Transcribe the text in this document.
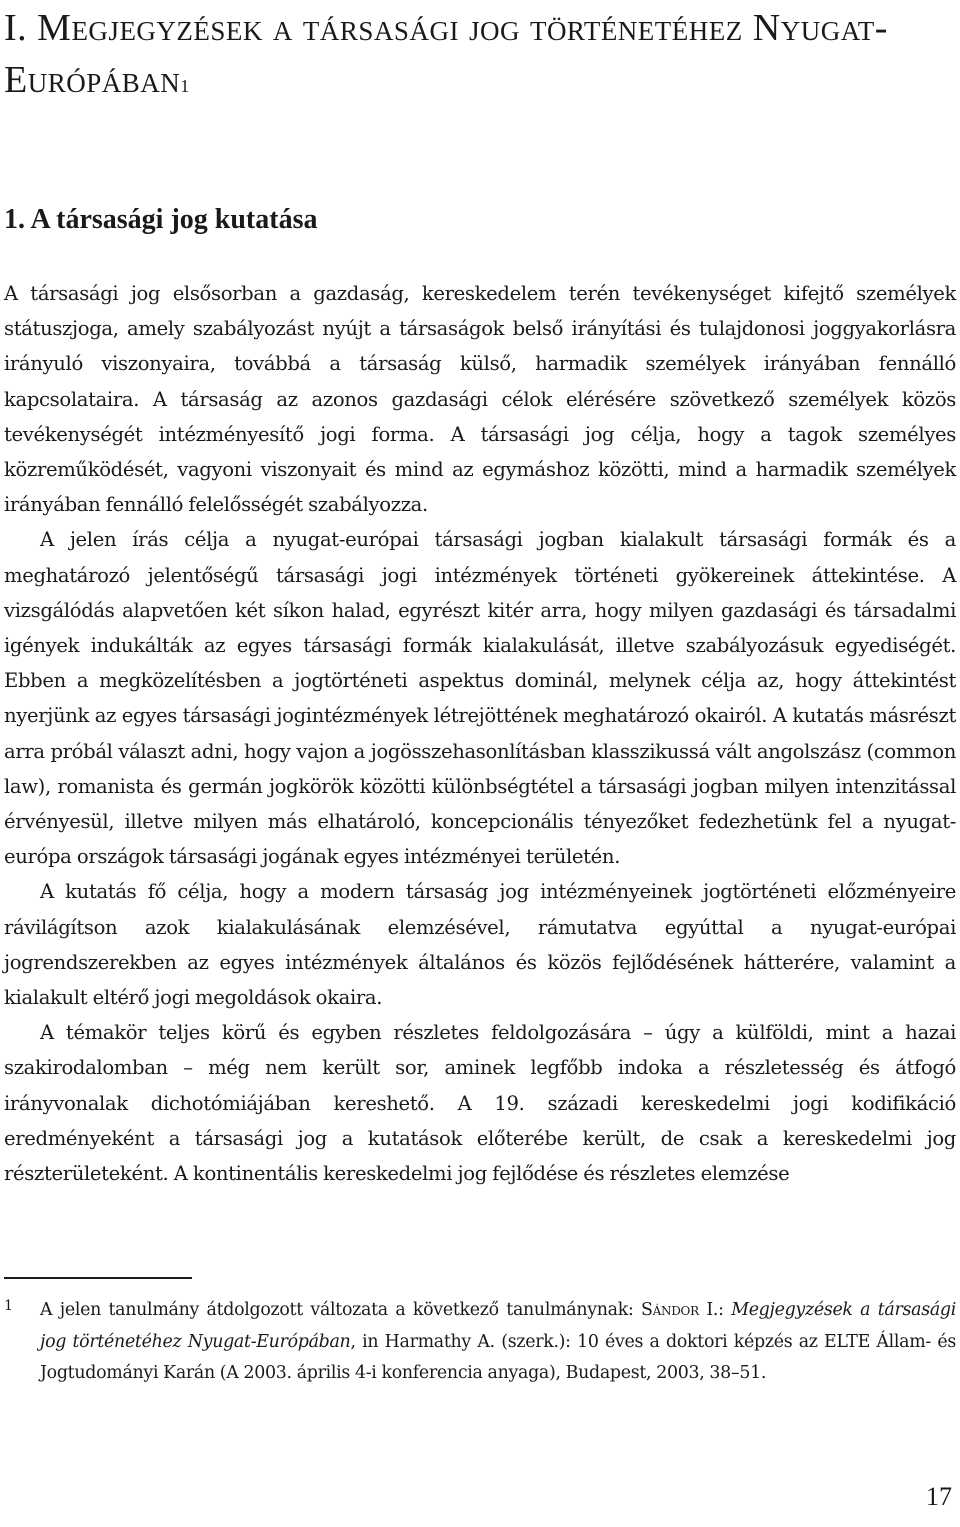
I. Megjegyzések a társasági jog történetéhez Nyugat-Európában$^1$
1. A társasági jog kutatása

A társasági jog elsősorban a gazdaság, kereskedelem terén tevékenységet kifejtő személyek státuszjoga, amely szabályozást nyújt a társaságok belső irányítási és tulajdonosi joggyakorlásra irányuló viszonyaira, továbbá a társaság külső, harmadik személyek irányában fennálló kapcsolataira. A társaság az azonos gazdasági célok elérésére szövetkező személyek közös tevékenységét intézményesítő jogi forma. A társasági jog célja, hogy a tagok személyes közreműködését, vagyoni viszonyait és mind az egymáshoz közötti, mind a harmadik személyek irányában fennálló felelősségét szabályozza.

A jelen írás célja a nyugat-európai társasági jogban kialakult társasági formák és a meghatározó jelentőségű társasági jogi intézmények történeti gyökereinek áttekintése. A vizsgálódás alapvetően két síkon halad, egyrészt kitér arra, hogy milyen gazdasági és társadalmi igények indukálták az egyes társasági formák kialakulását, illetve szabályozásuk egyediségét. Ebben a megközelítésben a jogtörténeti aspektus dominál, melynek célja az, hogy áttekintést nyerjünk az egyes társasági jogintézmények létrejöttének meghatározó okairól. A kutatás másrészt arra próbál választ adni, hogy vajon a jogösszehasonlításban klasszikussá vált angolszász (common law), romanista és germán jogkörök közötti különbségtétel a társasági jogban milyen intenzitással érvényesül, illetve milyen más elhatároló, koncepcionális tényezőket fedezhetünk fel a nyugat-európa országok társasági jogának egyes intézményei területén.

A kutatás fő célja, hogy a modern társaság jog intézményeinek jogtörténeti előzményeire rávilágítson azok kialakulásának elemzésével, rámutatva egyúttal a nyugat-európai jogrendszerekben az egyes intézmények általános és közös fejlődésének hátterére, valamint a kialakult eltérő jogi megoldások okaira.

A témakör teljes körű és egyben részletes feldolgozására – úgy a külföldi, mint a hazai szakirodalomban – még nem került sor, aminek legfőbb indoka a részletesség és átfogó irányvonalak dichotómiájában kereshető. A 19. századi kereskedelmi jogi kodifikáció eredményeként a társasági jog a kutatások előterébe került, de csak a kereskedelmi jog részterületeként. A kontinentális kereskedelmi jog fejlődése és részletes elemzése

1 A jelen tanulmány átdolgozott változata a következő tanulmánynak: Sándor I.: Megjegyzések a társasági jog történetéhez Nyugat-Európában, in Harmathy A. (szerk.): 10 éves a doktori képzés az ELTE Állam- és Jogtudományi Karán (A 2003. április 4-i konferencia anyaga), Budapest, 2003, 38–51.

17
